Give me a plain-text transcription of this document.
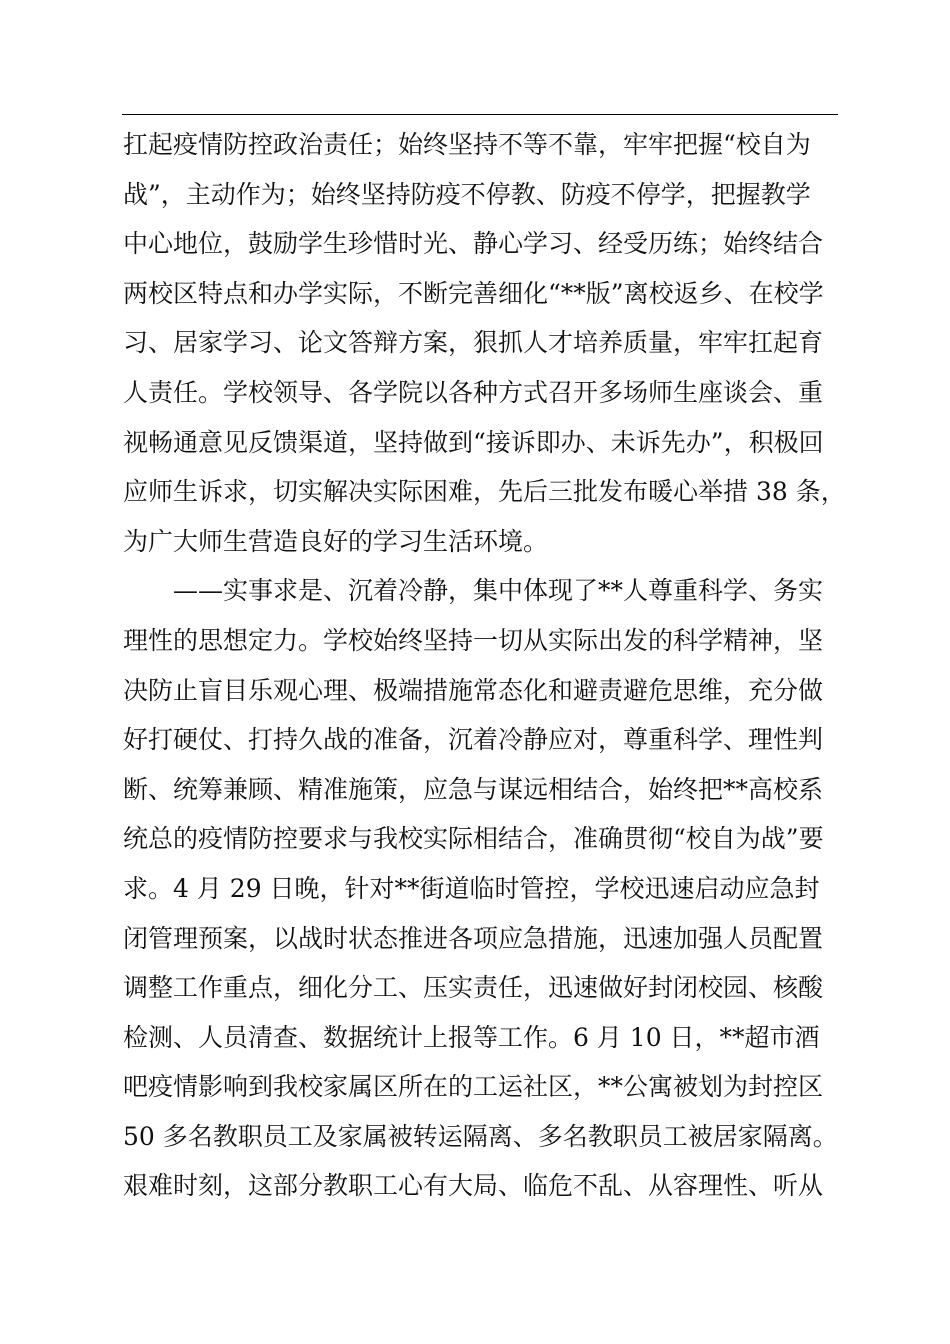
扛起疫情防控政治责任；始终坚持不等不靠，牢牢把握“校自为
战”，主动作为；始终坚持防疫不停教、防疫不停学，把握教学
中心地位，鼓励学生珍惜时光、静心学习、经受历练；始终结合
两校区特点和办学实际，不断完善细化“**版”离校返乡、在校学
习、居家学习、论文答辩方案，狠抓人才培养质量，牢牢扛起育
人责任。学校领导、各学院以各种方式召开多场师生座谈会、重
视畅通意见反馈渠道，坚持做到“接诉即办、未诉先办”，积极回
应师生诉求，切实解决实际困难，先后三批发布暖心举措 38 条，
为广大师生营造良好的学习生活环境。
——实事求是、沉着冷静，集中体现了**人尊重科学、务实
理性的思想定力。学校始终坚持一切从实际出发的科学精神，坚
决防止盲目乐观心理、极端措施常态化和避责避危思维，充分做
好打硬仗、打持久战的准备，沉着冷静应对，尊重科学、理性判
断、统筹兼顾、精准施策，应急与谋远相结合，始终把**高校系
统总的疫情防控要求与我校实际相结合，准确贯彻“校自为战”要
求。4 月 29 日晚，针对**街道临时管控，学校迅速启动应急封
闭管理预案，以战时状态推进各项应急措施，迅速加强人员配置
调整工作重点，细化分工、压实责任，迅速做好封闭校园、核酸
检测、人员清查、数据统计上报等工作。6 月 10 日，**超市酒
吧疫情影响到我校家属区所在的工运社区，**公寓被划为封控区
50 多名教职员工及家属被转运隔离、多名教职员工被居家隔离。
艰难时刻，这部分教职工心有大局、临危不乱、从容理性、听从
